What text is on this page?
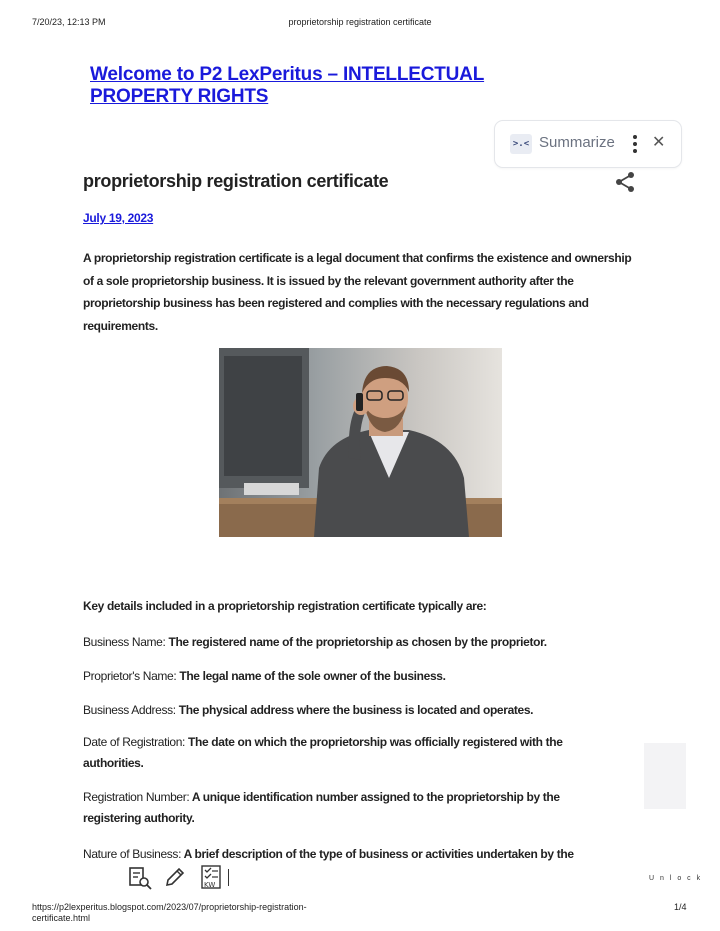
7/20/23, 12:13 PM	proprietorship registration certificate
Welcome to P2 LexPeritus – INTELLECTUAL PROPERTY RIGHTS
>.< Summarize ✕
proprietorship registration certificate
July 19, 2023
A proprietorship registration certificate is a legal document that confirms the existence and ownership of a sole proprietorship business. It is issued by the relevant government authority after the proprietorship business has been registered and complies with the necessary regulations and requirements.
Key details included in a proprietorship registration certificate typically are:
Business Name: The registered name of the proprietorship as chosen by the proprietor.
Proprietor's Name: The legal name of the sole owner of the business.
Business Address: The physical address where the business is located and operates.
Date of Registration: The date on which the proprietorship was officially registered with the authorities.
Registration Number: A unique identification number assigned to the proprietorship by the registering authority.
Nature of Business: A brief description of the type of business or activities undertaken by the
KW
U n l o c k
https://p2lexperitus.blogspot.com/2023/07/proprietorship-registration-certificate.html
1/4
